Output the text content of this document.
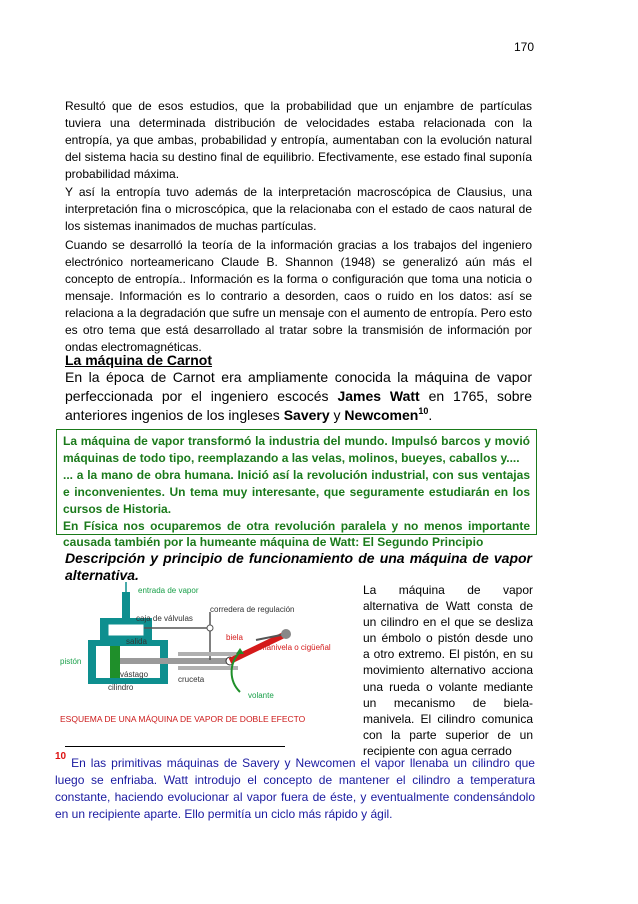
170

Resultó que de esos estudios, que la probabilidad que un enjambre de partículas tuviera una determinada distribución de velocidades estaba relacionada con la entropía, ya que ambas, probabilidad y entropía, aumentaban con la evolución natural del sistema hacia su destino final de equilibrio. Efectivamente, ese estado final suponía probabilidad máxima.

Y así la entropía tuvo además de la interpretación macroscópica de Clausius, una interpretación fina o microscópica, que la relacionaba con el estado de caos natural de los sistemas inanimados de muchas partículas.

Cuando se desarrolló la teoría de la información gracias a los trabajos del ingeniero electrónico norteamericano Claude B. Shannon (1948) se generalizó aún más el concepto de entropía.. Información es la forma o configuración que toma una noticia o mensaje. Información es lo contrario a desorden, caos o ruido en los datos: así se relaciona a la degradación que sufre un mensaje con el aumento de entropía. Pero esto es otro tema que está desarrollado al tratar sobre la transmisión de información por ondas electromagnéticas.

La máquina de Carnot

En la época de Carnot era ampliamente conocida la máquina de vapor perfeccionada por el ingeniero escocés James Watt en 1765, sobre anteriores ingenios de los ingleses Savery y Newcomen$^{10}$.

La máquina de vapor transformó la industria del mundo. Impulsó barcos y movió máquinas de todo tipo, reemplazando a las velas, molinos, bueyes, caballos y....
... a la mano de obra humana. Inició así la revolución industrial, con sus ventajas e inconvenientes. Un tema muy interesante, que seguramente estudiarán en los cursos de Historia.
En Física nos ocuparemos de otra revolución paralela y no menos importante causada también por la humeante máquina de Watt: El Segundo Principio

Descripción y principio de funcionamiento de una máquina de vapor alternativa.

entrada de vapor
corredera de regulación
caja de válvulas
biela
manivela o cigüeñal
salida
pistón
vástago
cruceta
cilindro
volante
ESQUEMA DE UNA MÁQUINA DE VAPOR DE DOBLE EFECTO

La máquina de vapor alternativa de Watt consta de un cilindro en el que se desliza un émbolo o pistón desde uno a otro extremo. El pistón, en su movimiento alternativo acciona una rueda o volante mediante un mecanismo de biela-manivela. El cilindro comunica con la parte superior de un recipiente con agua cerrado

$^{10}$ En las primitivas máquinas de Savery y Newcomen el vapor llenaba un cilindro que luego se enfriaba. Watt introdujo el concepto de mantener el cilindro a temperatura constante, haciendo evolucionar al vapor fuera de éste, y eventualmente condensándolo en un recipiente aparte. Ello permitía un ciclo más rápido y ágil.
